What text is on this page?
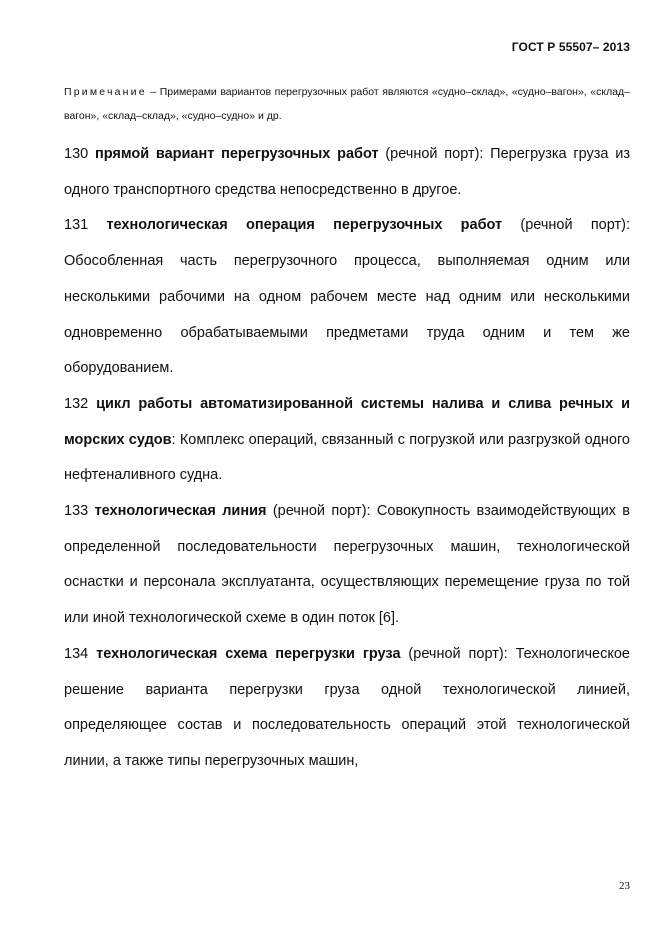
ГОСТ Р 55507– 2013
Примечание – Примерами вариантов перегрузочных работ являются «судно–склад», «судно–вагон», «склад–вагон», «склад–склад», «судно–судно» и др.

130 прямой вариант перегрузочных работ (речной порт): Перегрузка груза из одного транспортного средства непосредственно в другое.

131 технологическая операция перегрузочных работ (речной порт): Обособленная часть перегрузочного процесса, выполняемая одним или несколькими рабочими на одном рабочем месте над одним или несколькими одновременно обрабатываемыми предметами труда одним и тем же оборудованием.

132 цикл работы автоматизированной системы налива и слива речных и морских судов: Комплекс операций, связанный с погрузкой или разгрузкой одного нефтеналивного судна.

133 технологическая линия (речной порт): Совокупность взаимодействующих в определенной последовательности перегрузочных машин, технологической оснастки и персонала эксплуатанта, осуществляющих перемещение груза по той или иной технологической схеме в один поток [6].

134 технологическая схема перегрузки груза (речной порт): Технологическое решение варианта перегрузки груза одной технологической линией, определяющее состав и последовательность операций этой технологической линии, а также типы перегрузочных машин,

23
